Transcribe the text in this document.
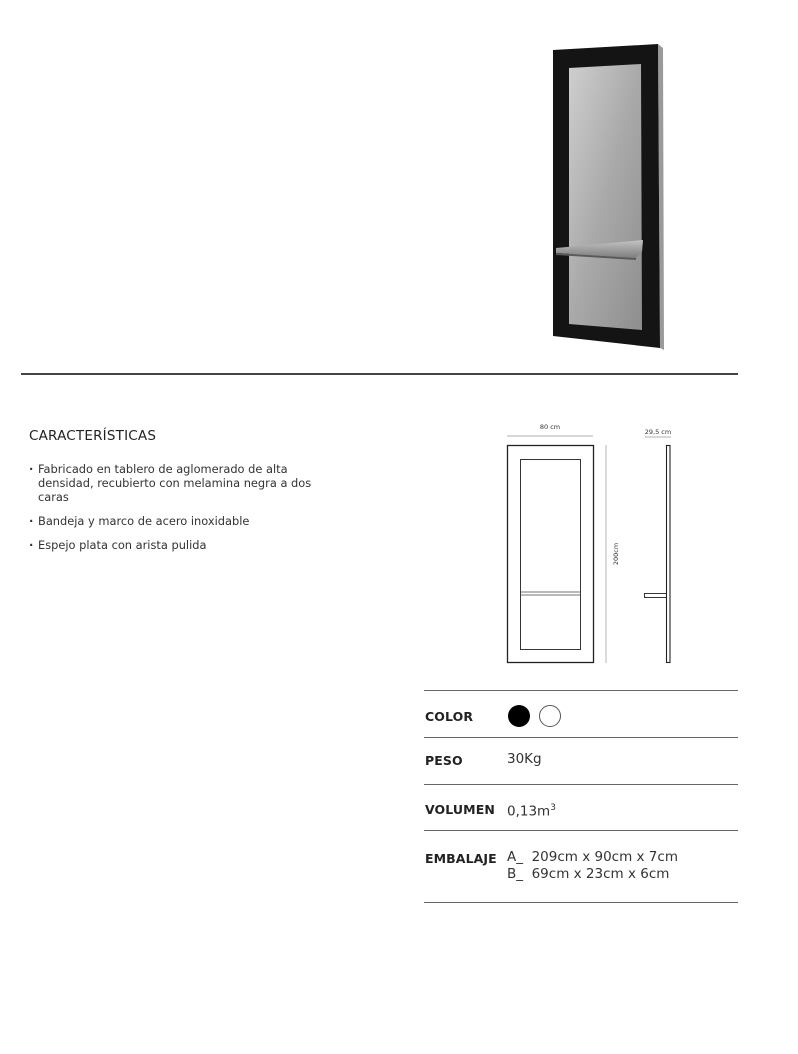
CARACTERÍSTICAS
· Fabricado en tablero de aglomerado de alta densidad, recubierto con melamina negra a dos caras
· Bandeja y marco de acero inoxidable
· Espejo plata con arista pulida
80 cm
200cm
29,5 cm
COLOR
PESO	30Kg
VOLUMEN $0,13m^3$
EMBALAJE A_  209cm x 90cm x 7cm
B_  69cm x 23cm x 6cm
